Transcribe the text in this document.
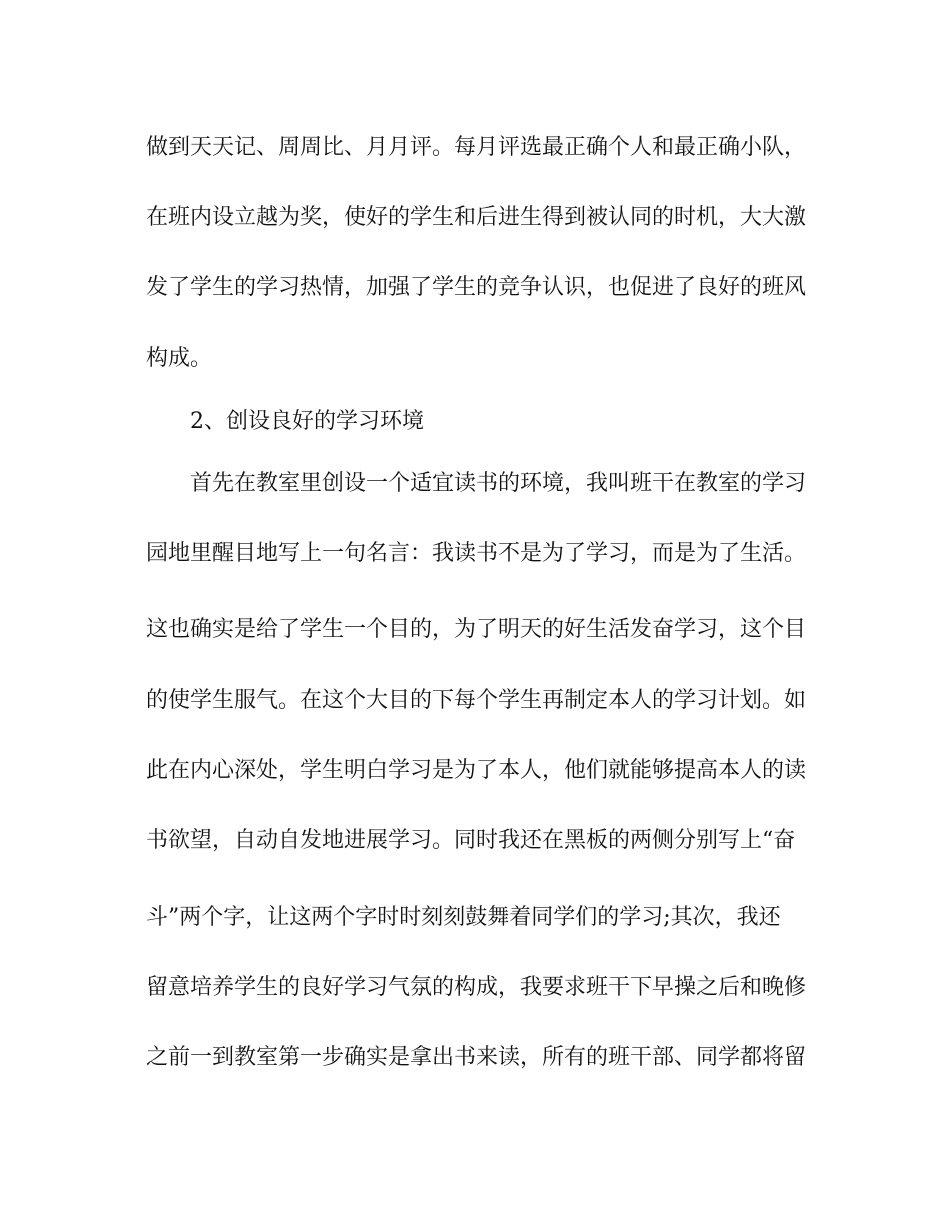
做到天天记、周周比、月月评。每月评选最正确个人和最正确小队，
在班内设立越为奖，使好的学生和后进生得到被认同的时机，大大激
发了学生的学习热情，加强了学生的竞争认识，也促进了良好的班风
构成。
2、创设良好的学习环境
首先在教室里创设一个适宜读书的环境，我叫班干在教室的学习
园地里醒目地写上一句名言：我读书不是为了学习，而是为了生活。
这也确实是给了学生一个目的，为了明天的好生活发奋学习，这个目
的使学生服气。在这个大目的下每个学生再制定本人的学习计划。如
此在内心深处，学生明白学习是为了本人，他们就能够提高本人的读
书欲望，自动自发地进展学习。同时我还在黑板的两侧分别写上“奋
斗”两个字，让这两个字时时刻刻鼓舞着同学们的学习;其次，我还
留意培养学生的良好学习气氛的构成，我要求班干下早操之后和晚修
之前一到教室第一步确实是拿出书来读，所有的班干部、同学都将留
